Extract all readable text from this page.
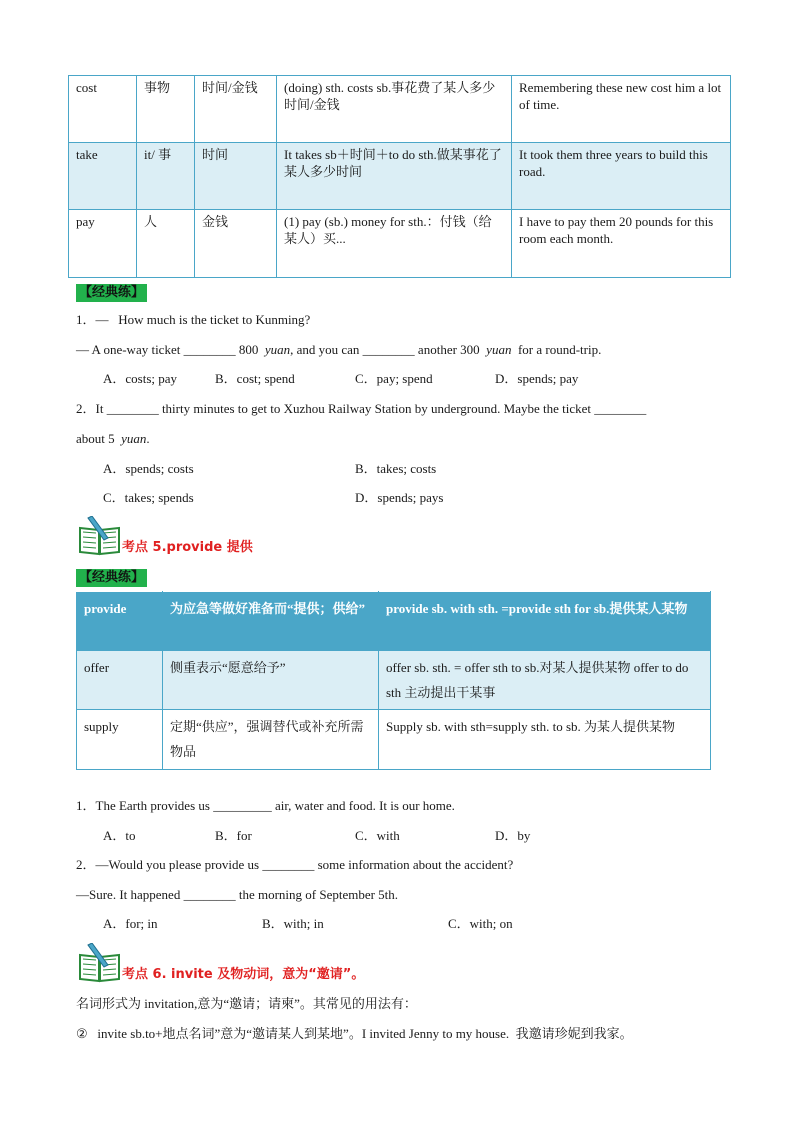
cost	事物	时间/金钱	(doing) sth. costs sb.事花费了某人多少时间/金钱	Remembering these new cost him a lot of time.
take	it/ 事	时间	It takes sb＋时间＋to do sth.做某事花了某人多少时间	It took them three years to build this road.
pay	人	金钱	(1) pay (sb.) money for sth.：付钱（给某人）买...	I have to pay them 20 pounds for this room each month.
【经典练】
1．—   How much is the ticket to Kunming?
— A one-way ticket ________ 800  yuan, and you can ________ another 300  yuan  for a round-trip.
A．costs; pay	B．cost; spend	C．pay; spend	D．spends; pay
2．It ________ thirty minutes to get to Xuzhou Railway Station by underground. Maybe the ticket ________
about 5  yuan.
A．spends; costs	B．takes; costs
C．takes; spends	D．spends; pays
考点 5.provide 提供
【经典练】
provide	为应急等做好准备而“提供；供给”	provide sb. with sth. =provide sth for sb.提供某人某物
offer	侧重表示“愿意给予”	offer sb. sth. = offer sth to sb.对某人提供某物 offer to do sth 主动提出干某事
supply	定期“供应”，强调替代或补充所需物品	Supply sb. with sth=supply sth. to sb. 为某人提供某物
1．The Earth provides us _________ air, water and food. It is our home.
A．to	B．for	C．with	D．by
2．—Would you please provide us ________ some information about the accident?
—Sure. It happened ________ the morning of September 5th.
A．for; in	B．with; in	C．with; on
考点 6. invite 及物动词，意为“邀请”。
名词形式为 invitation,意为“邀请；请柬”。其常见的用法有：
②   invite sb.to+地点名词”意为“邀请某人到某地”。I invited Jenny to my house.  我邀请珍妮到我家。
